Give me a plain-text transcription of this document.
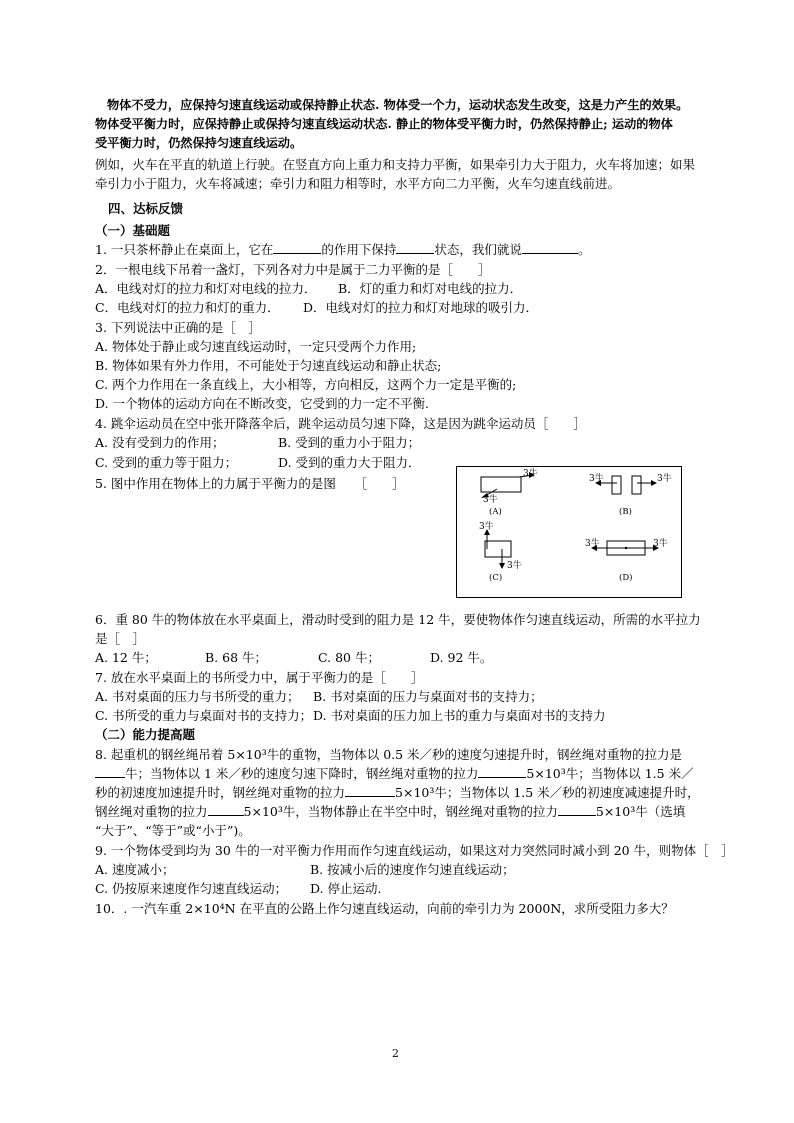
物体不受力，应保持匀速直线运动或保持静止状态. 物体受一个力，运动状态发生改变，这是力产生的效果。
物体受平衡力时，应保持静止或保持匀速直线运动状态. 静止的物体受平衡力时，仍然保持静止; 运动的物体
受平衡力时，仍然保持匀速直线运动。
例如，火车在平直的轨道上行驶。在竖直方向上重力和支持力平衡，如果牵引力大于阻力，火车将加速；如果
牵引力小于阻力，火车将减速；牵引力和阻力相等时，水平方向二力平衡，火车匀速直线前进。
四、达标反馈
（一）基础题
1. 一只茶杯静止在桌面上，它在	的作用下保持	状态，我们就说	。
2．一根电线下吊着一盏灯，下列各对力中是属于二力平衡的是［　　］
A．电线对灯的拉力和灯对电线的拉力． B．灯的重力和灯对电线的拉力．
C．电线对灯的拉力和灯的重力． D．电线对灯的拉力和灯对地球的吸引力．
3. 下列说法中正确的是［　］
A. 物体处于静止或匀速直线运动时，一定只受两个力作用;
B. 物体如果有外力作用，不可能处于匀速直线运动和静止状态;
C. 两个力作用在一条直线上，大小相等，方向相反，这两个力一定是平衡的;
D. 一个物体的运动方向在不断改变，它受到的力一定不平衡.
4. 跳伞运动员在空中张开降落伞后，跳伞运动员匀速下降，这是因为跳伞运动员［　　］
A. 没有受到力的作用；	B. 受到的重力小于阻力；
C. 受到的重力等于阻力；	D. 受到的重力大于阻力．
5. 图中作用在物体上的力属于平衡力的是图　　［　　］
3牛
3牛
(A)
3牛	3牛
(B)
3牛
3牛
(C)
3牛	3牛
(D)
6．重 80 牛的物体放在水平桌面上，滑动时受到的阻力是 12 牛，要使物体作匀速直线运动，所需的水平拉力
是［　］
A. 12 牛；	B. 68 牛；	C. 80 牛；	D. 92 牛。
7. 放在水平桌面上的书所受力中，属于平衡力的是［　　］
A. 书对桌面的压力与书所受的重力； B. 书对桌面的压力与桌面对书的支持力；
C. 书所受的重力与桌面对书的支持力； D. 书对桌面的压力加上书的重力与桌面对书的支持力
（二）能力提高题
8. 起重机的钢丝绳吊着 5×10³牛的重物，当物体以 0.5 米／秒的速度匀速提升时，钢丝绳对重物的拉力是
牛；当物体以 1 米／秒的速度匀速下降时，钢丝绳对重物的拉力	5×10³牛；当物体以 1.5 米／
秒的初速度加速提升时，钢丝绳对重物的拉力	5×10³牛；当物体以 1.5 米／秒的初速度减速提升时，
钢丝绳对重物的拉力	5×10³牛，当物体静止在半空中时，钢丝绳对重物的拉力	5×10³牛（选填
“大于”、“等于”或“小于”)。
9. 一个物体受到均为 30 牛的一对平衡力作用而作匀速直线运动，如果这对力突然同时减小到 20 牛，则物体［　］
A. 速度减小；	B. 按减小后的速度作匀速直线运动；
C. 仍按原来速度作匀速直线运动； D. 停止运动.
10．. 一汽车重 2×10⁴N 在平直的公路上作匀速直线运动，向前的牵引力为 2000N，求所受阻力多大？
2
